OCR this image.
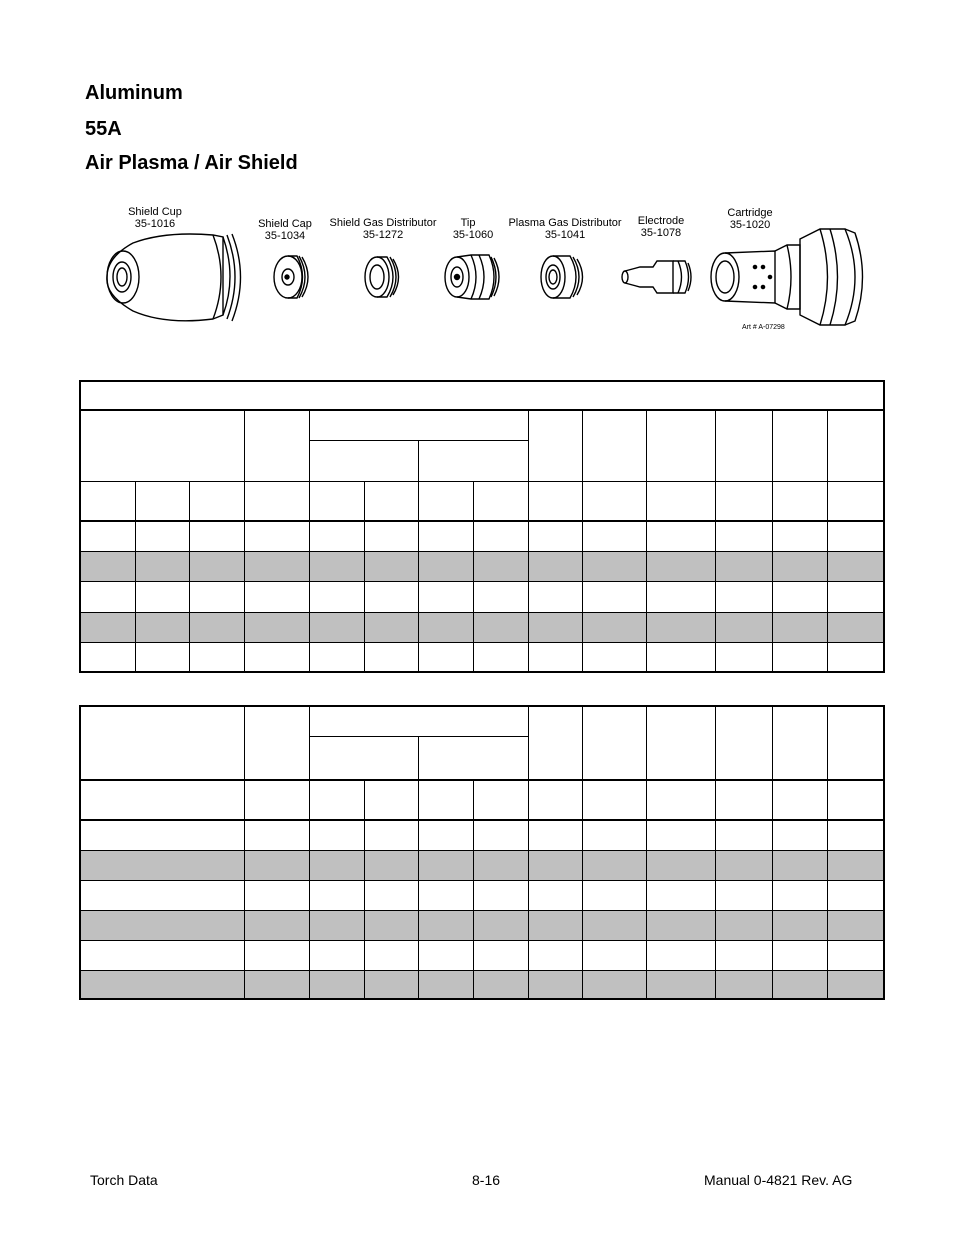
Aluminum
55A
Air Plasma / Air Shield
Shield Cup
35-1016	Shield Cap
35-1034
Shield Gas Distributor
35-1272
Tip
35-1060
Plasma Gas Distributor
35-1041
Electrode
35-1078
Cartridge
35-1020
Art # A-07298

Torch Data	8-16	Manual 0-4821 Rev. AG
